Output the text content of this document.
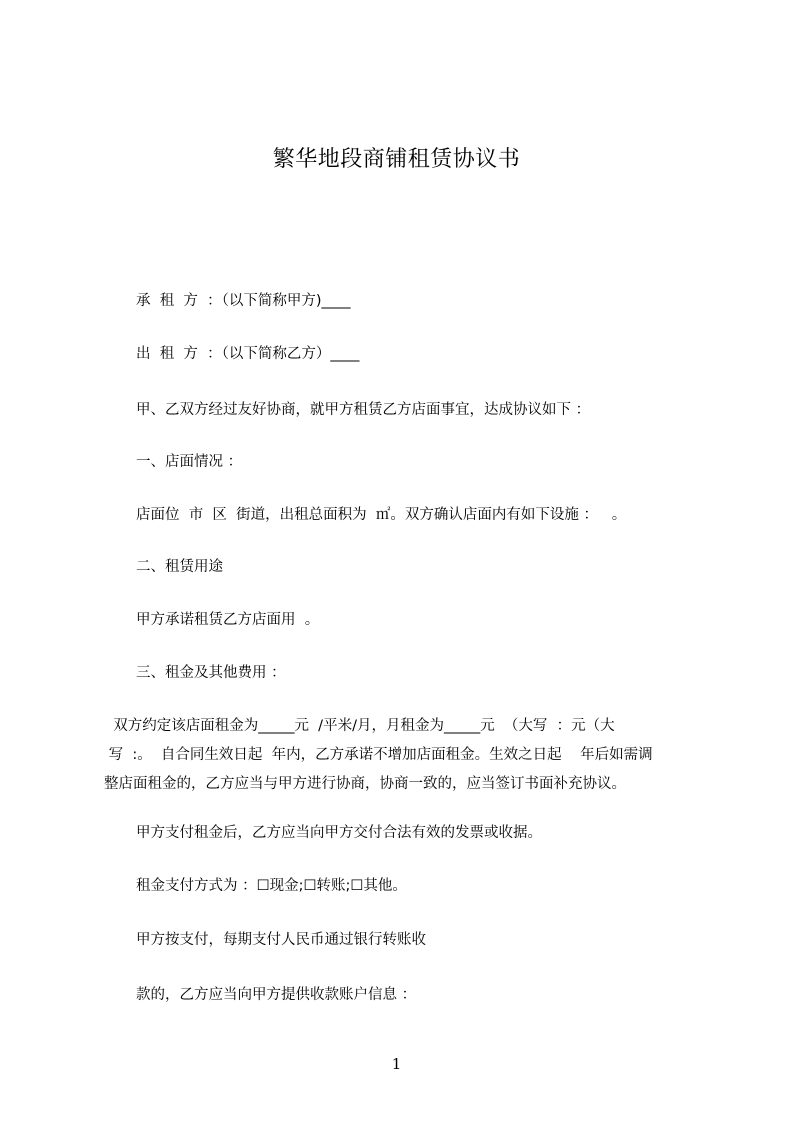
繁华地段商铺租赁协议书
承  租  方  ：（以下简称甲方)____
出  租  方  ：（以下简称乙方）____
甲、乙双方经过友好协商，就甲方租赁乙方店面事宜，达成协议如下 ：
一、店面情况 ：
店面位  市  区  街道，出租总面积为  ㎡。双方确认店面内有如下设施 ：   。
二、租赁用途
甲方承诺租赁乙方店面用  。
三、租金及其他费用 ：
双方约定该店面租金为_____元  /平米/月，月租金为_____元  （大写  ：元（大
写  :。  自合同生效日起  年内，乙方承诺不增加店面租金。生效之日起    年后如需调
整店面租金的，乙方应当与甲方进行协商，协商一致的，应当签订书面补充协议。
甲方支付租金后，乙方应当向甲方交付合法有效的发票或收据。
租金支付方式为 ：☐现金;☐转账;☐其他。
甲方按支付，每期支付人民币通过银行转账收
款的，乙方应当向甲方提供收款账户信息 ：
1
